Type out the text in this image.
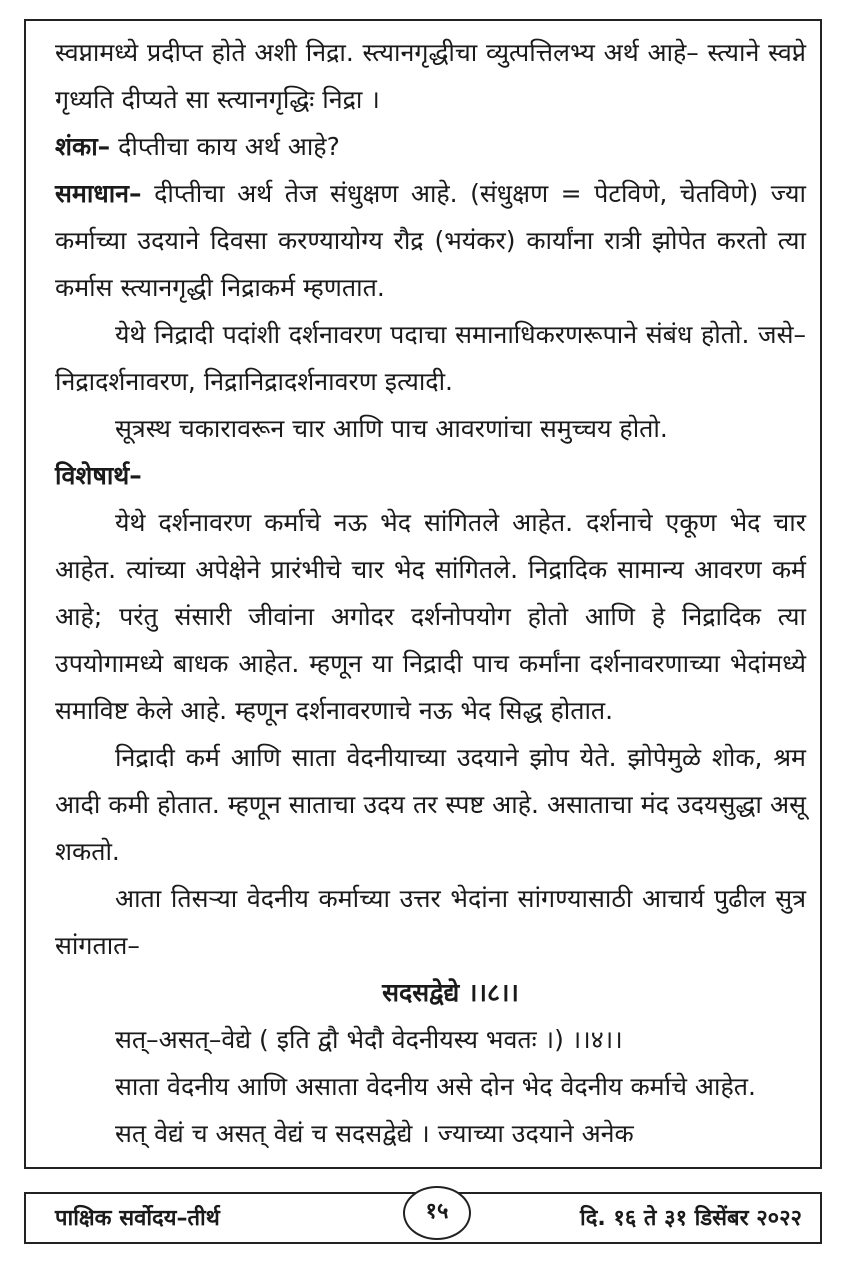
स्वप्नामध्ये प्रदीप्त होते अशी निद्रा. स्त्यानगृद्धीचा व्युत्पत्तिलभ्य अर्थ आहे– स्त्याने स्वप्ने गृध्यति दीप्यते सा स्त्यानगृद्धिः निद्रा ।

शंका– दीप्तीचा काय अर्थ आहे?

समाधान– दीप्तीचा अर्थ तेज संधुक्षण आहे. (संधुक्षण = पेटविणे, चेतविणे) ज्या कर्माच्या उदयाने दिवसा करण्यायोग्य रौद्र (भयंकर) कार्यांना रात्री झोपेत करतो त्या कर्मास स्त्यानगृद्धी निद्राकर्म म्हणतात.

येथे निद्रादी पदांशी दर्शनावरण पदाचा समानाधिकरणरूपाने संबंध होतो. जसे– निद्रादर्शनावरण, निद्रानिद्रादर्शनावरण इत्यादी.

सूत्रस्थ चकारावरून चार आणि पाच आवरणांचा समुच्चय होतो.

विशेषार्थ–

येथे दर्शनावरण कर्माचे नऊ भेद सांगितले आहेत. दर्शनाचे एकूण भेद चार आहेत. त्यांच्या अपेक्षेने प्रारंभीचे चार भेद सांगितले. निद्रादिक सामान्य आवरण कर्म आहे; परंतु संसारी जीवांना अगोदर दर्शनोपयोग होतो आणि हे निद्रादिक त्या उपयोगामध्ये बाधक आहेत. म्हणून या निद्रादी पाच कर्मांना दर्शनावरणाच्या भेदांमध्ये समाविष्ट केले आहे. म्हणून दर्शनावरणाचे नऊ भेद सिद्ध होतात.

निद्रादी कर्म आणि साता वेदनीयाच्या उदयाने झोप येते. झोपेमुळे शोक, श्रम आदी कमी होतात. म्हणून साताचा उदय तर स्पष्ट आहे. असाताचा मंद उदयसुद्धा असू शकतो.

आता तिसऱ्या वेदनीय कर्माच्या उत्तर भेदांना सांगण्यासाठी आचार्य पुढील सुत्र सांगतात–

सदसद्वेद्ये ।।८।।

सत्–असत्–वेद्ये ( इति द्वौ भेदौ वेदनीयस्य भवतः ।) ।।४।।

साता वेदनीय आणि असाता वेदनीय असे दोन भेद वेदनीय कर्माचे आहेत.

सत् वेद्यं च असत् वेद्यं च सदसद्वेद्ये । ज्याच्या उदयाने अनेक

पाक्षिक सर्वोदय–तीर्थ	१५	दि. १६ ते ३१ डिसेंबर २०२२
